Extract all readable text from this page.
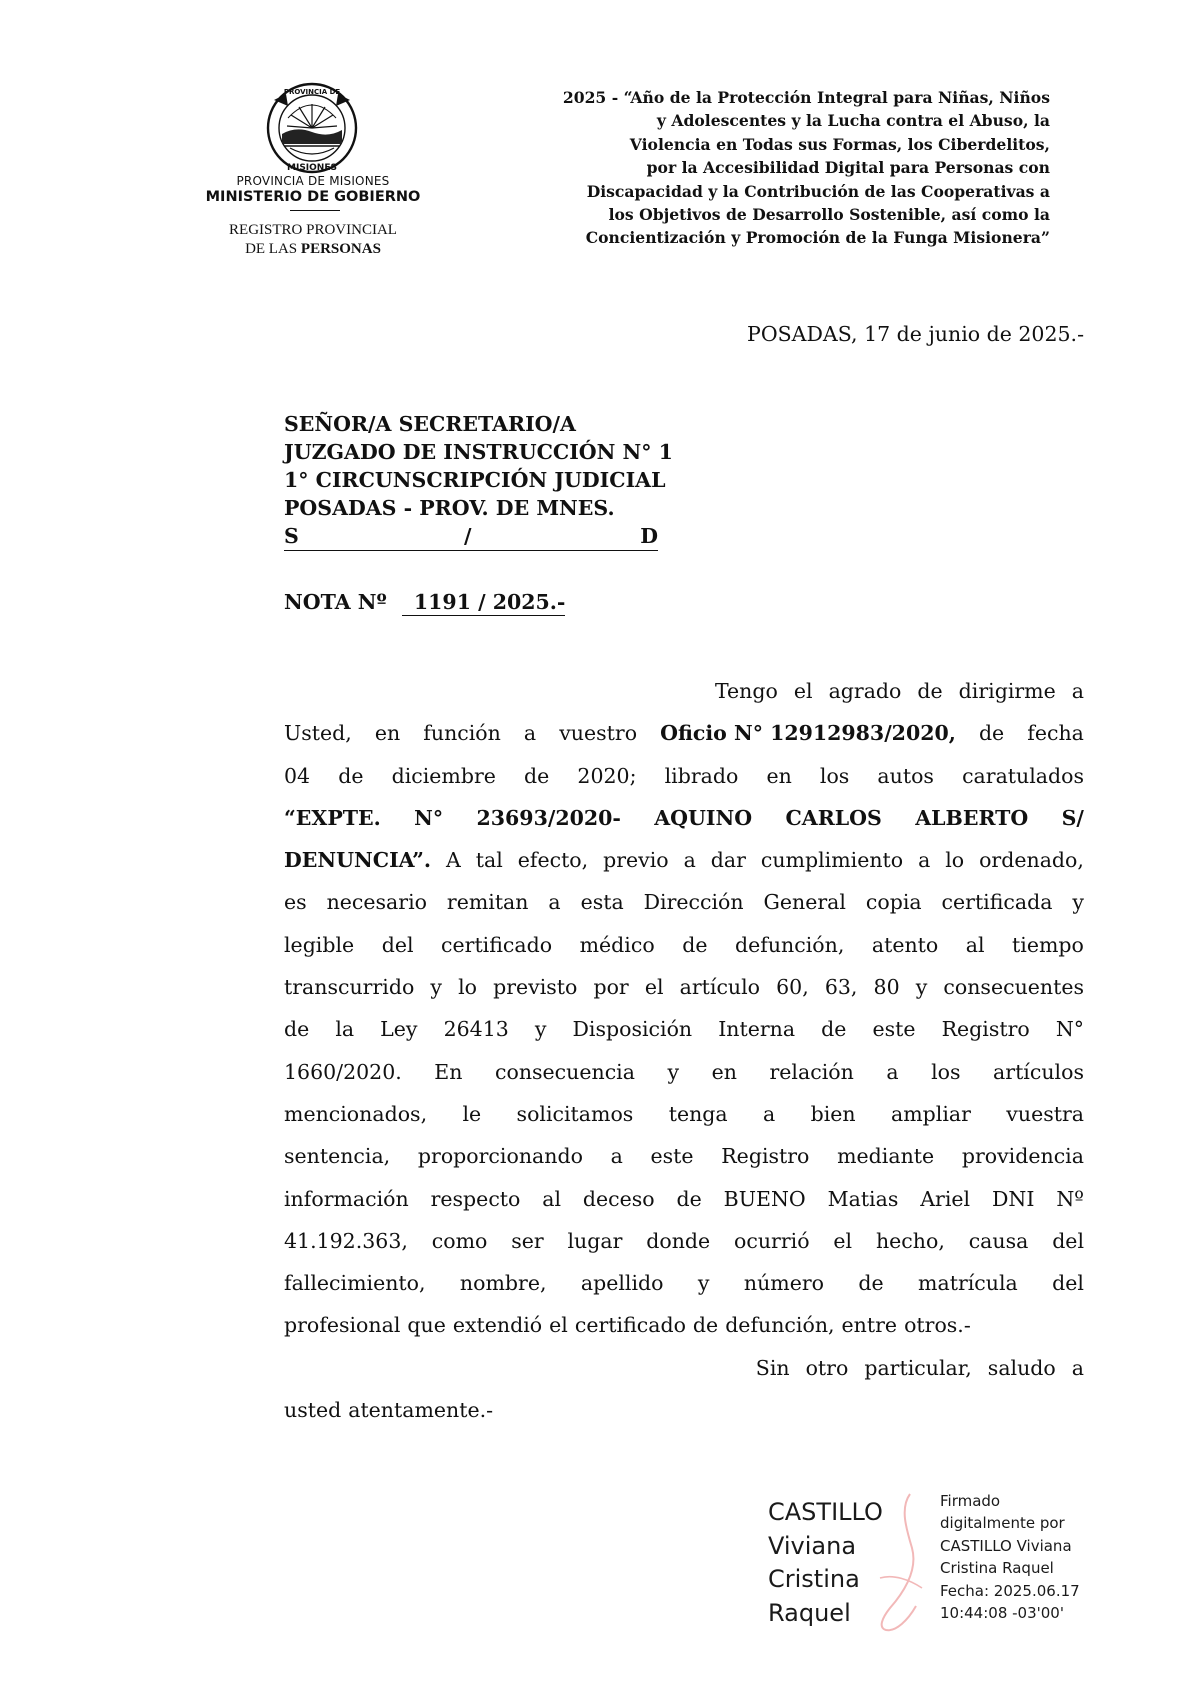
PROVINCIA DE
MISIONES
PROVINCIA DE MISIONES
MINISTERIO DE GOBIERNO
REGISTRO PROVINCIAL
DE LAS PERSONAS
2025 - “Año de la Protección Integral para Niñas, Niños
y Adolescentes y la Lucha contra el Abuso, la
Violencia en Todas sus Formas, los Ciberdelitos,
por la Accesibilidad Digital para Personas con
Discapacidad y la Contribución de las Cooperativas a
los Objetivos de Desarrollo Sostenible, así como la
Concientización y Promoción de la Funga Misionera”
POSADAS, 17 de junio de 2025.-
SEÑOR/A SECRETARIO/A
JUZGADO DE INSTRUCCIÓN N° 1
1° CIRCUNSCRIPCIÓN JUDICIAL
POSADAS - PROV. DE MNES.
S	/	D
NOTA Nº 1191 / 2025.-
Tengo el agrado de dirigirme a
Usted, en función a vuestro Oficio N° 12912983/2020, de fecha
04 de diciembre de 2020; librado en los autos caratulados
“EXPTE. N° 23693/2020- AQUINO CARLOS ALBERTO S/
DENUNCIA”. A tal efecto, previo a dar cumplimiento a lo ordenado,
es necesario remitan a esta Dirección General copia certificada y
legible del certificado médico de defunción, atento al tiempo
transcurrido y lo previsto por el artículo 60, 63, 80 y consecuentes
de la Ley 26413 y Disposición Interna de este Registro N°
1660/2020. En consecuencia y en relación a los artículos
mencionados, le solicitamos tenga a bien ampliar vuestra
sentencia, proporcionando a este Registro mediante providencia
información respecto al deceso de BUENO Matias Ariel DNI Nº
41.192.363, como ser lugar donde ocurrió el hecho, causa del
fallecimiento, nombre, apellido y número de matrícula del
profesional que extendió el certificado de defunción, entre otros.-
Sin otro particular, saludo a
usted atentamente.-
CASTILLO
Viviana
Cristina
Raquel
Firmado
digitalmente por
CASTILLO Viviana
Cristina Raquel
Fecha: 2025.06.17
10:44:08 -03'00'
